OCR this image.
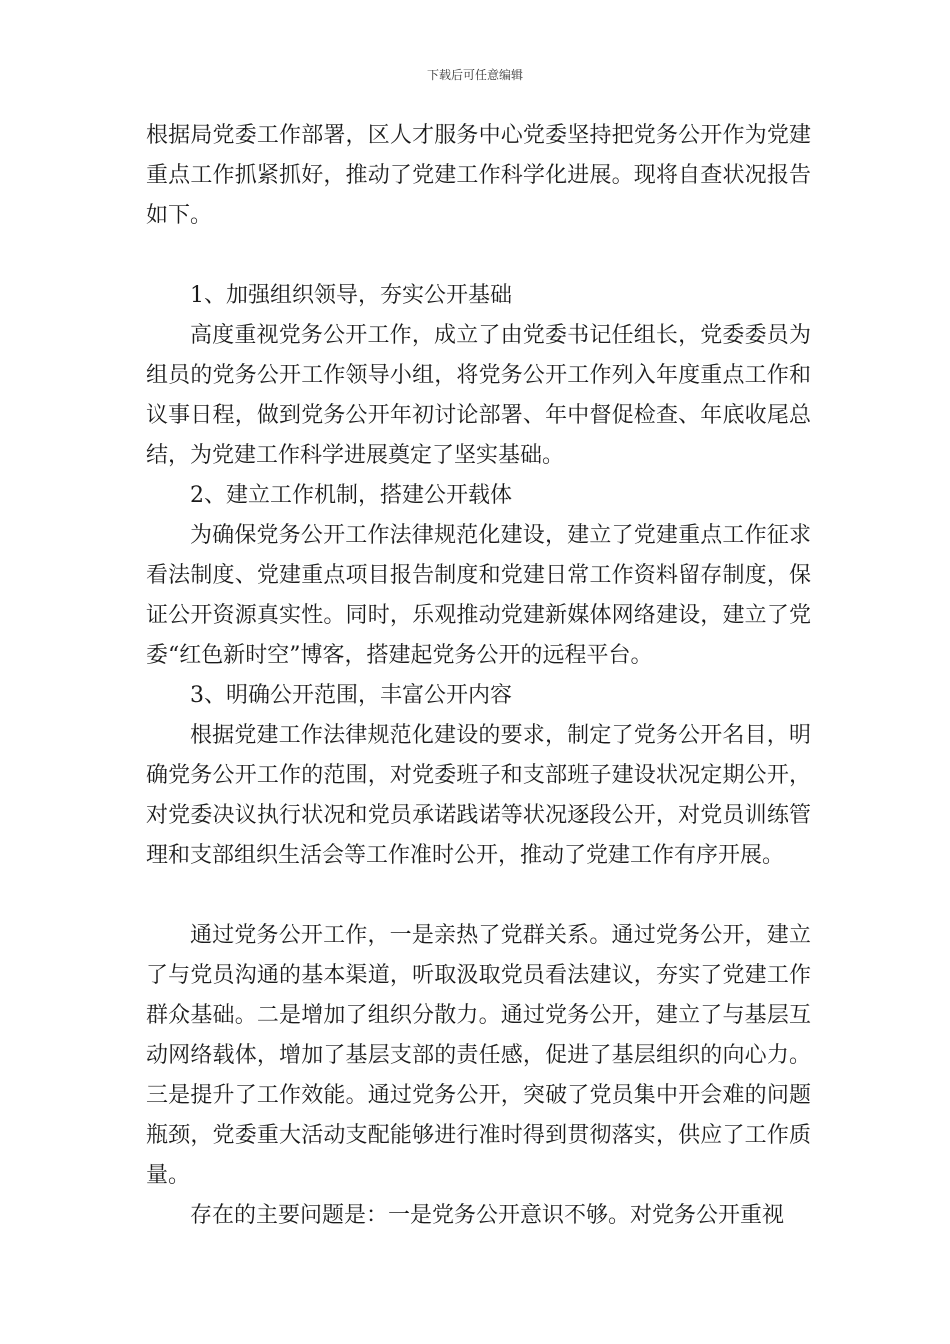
下载后可任意编辑

根据局党委工作部署，区人才服务中心党委坚持把党务公开作为党建重点工作抓紧抓好，推动了党建工作科学化进展。现将自查状况报告如下。

1、加强组织领导，夯实公开基础

高度重视党务公开工作，成立了由党委书记任组长，党委委员为组员的党务公开工作领导小组，将党务公开工作列入年度重点工作和议事日程，做到党务公开年初讨论部署、年中督促检查、年底收尾总结，为党建工作科学进展奠定了坚实基础。

2、建立工作机制，搭建公开载体

为确保党务公开工作法律规范化建设，建立了党建重点工作征求看法制度、党建重点项目报告制度和党建日常工作资料留存制度，保证公开资源真实性。同时，乐观推动党建新媒体网络建设，建立了党委“红色新时空”博客，搭建起党务公开的远程平台。

3、明确公开范围，丰富公开内容

根据党建工作法律规范化建设的要求，制定了党务公开名目，明确党务公开工作的范围，对党委班子和支部班子建设状况定期公开，对党委决议执行状况和党员承诺践诺等状况逐段公开，对党员训练管理和支部组织生活会等工作准时公开，推动了党建工作有序开展。

通过党务公开工作，一是亲热了党群关系。通过党务公开，建立了与党员沟通的基本渠道，听取汲取党员看法建议，夯实了党建工作群众基础。二是增加了组织分散力。通过党务公开，建立了与基层互动网络载体，增加了基层支部的责任感，促进了基层组织的向心力。三是提升了工作效能。通过党务公开，突破了党员集中开会难的问题瓶颈，党委重大活动支配能够进行准时得到贯彻落实，供应了工作质量。

存在的主要问题是：一是党务公开意识不够。对党务公开重视
